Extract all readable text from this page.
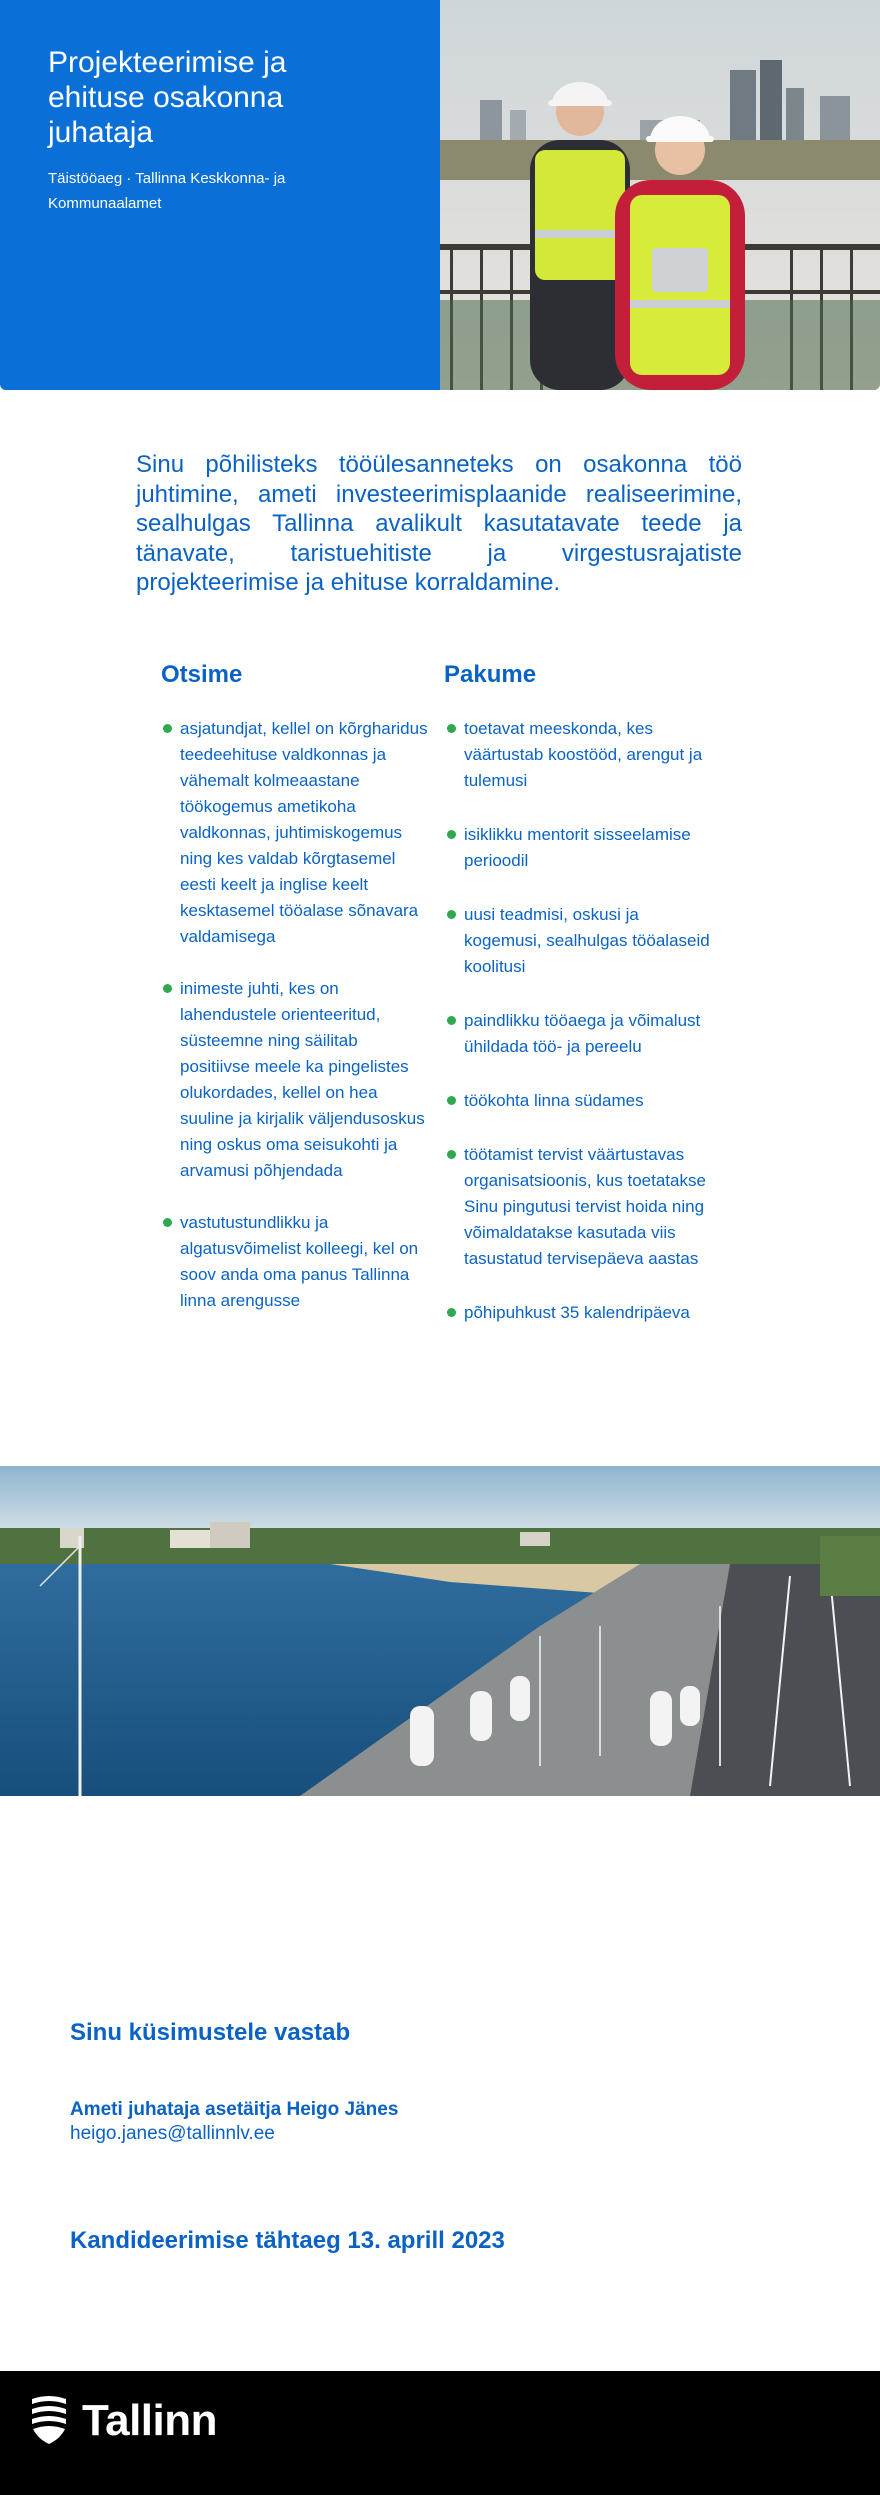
Projekteerimise ja ehituse osakonna juhataja

Täistööaeg · Tallinna Keskkonna- ja Kommunaalamet

Sinu põhilisteks tööülesanneteks on osakonna töö juhtimine, ameti investeerimisplaanide realiseerimine, sealhulgas Tallinna avalikult kasutatavate teede ja tänavate, taristuehitiste ja virgestusrajatiste projekteerimise ja ehituse korraldamine.

Otsime	Pakume
asjatundjat, kellel on kõrgharidus teedeehituse valdkonnas ja vähemalt kolmeaastane töökogemus ametikoha valdkonnas, juhtimiskogemus ning kes valdab kõrgtasemel eesti keelt ja inglise keelt kesktasemel tööalase sõnavara valdamisega
inimeste juhti, kes on lahendustele orienteeritud, süsteemne ning säilitab positiivse meele ka pingelistes olukordades, kellel on hea suuline ja kirjalik väljendusoskus ning oskus oma seisukohti ja arvamusi põhjendada
vastutustundlikku ja algatusvõimelist kolleegi, kel on soov anda oma panus Tallinna linna arengusse
toetavat meeskonda, kes väärtustab koostööd, arengut ja tulemusi
isiklikku mentorit sisseelamise perioodil
uusi teadmisi, oskusi ja kogemusi, sealhulgas tööalaseid koolitusi
paindlikku tööaega ja võimalust ühildada töö- ja pereelu
töökohta linna südames
töötamist tervist väärtustavas organisatsioonis, kus toetatakse Sinu pingutusi tervist hoida ning võimaldatakse kasutada viis tasustatud tervisepäeva aastas
põhipuhkust 35 kalendripäeva
Sinu küsimustele vastab

Ameti juhataja asetäitja Heigo Jänes

heigo.janes@tallinnlv.ee
Kandideerimise tähtaeg 13. aprill 2023
Tallinn
